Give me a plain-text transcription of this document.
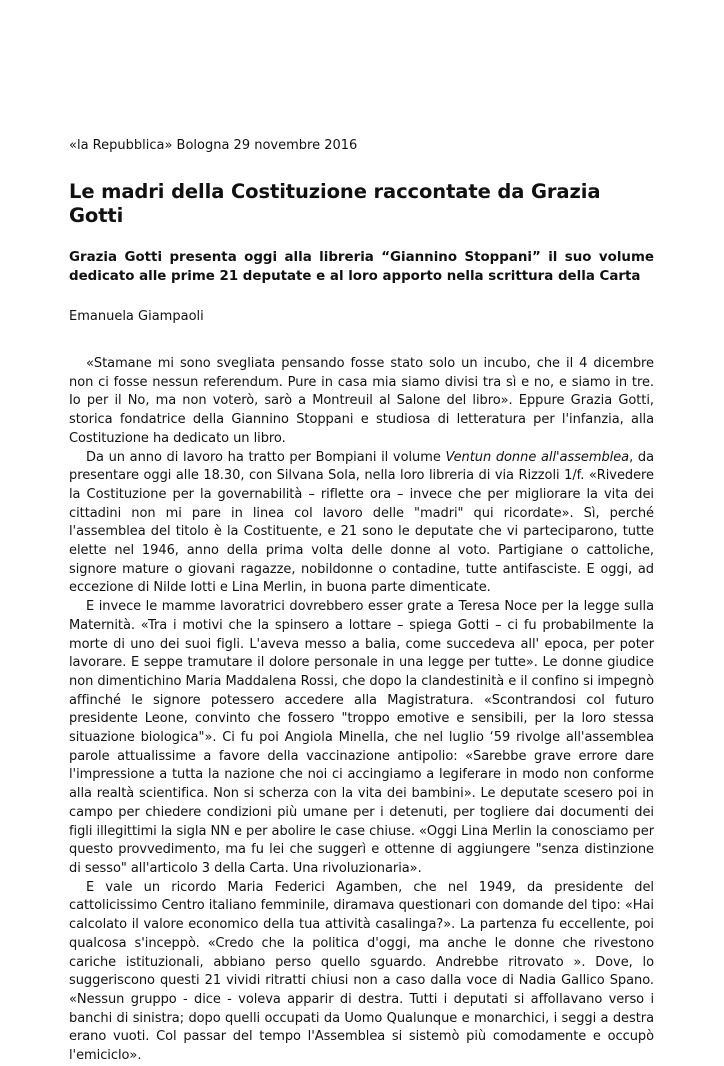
«la Repubblica» Bologna 29 novembre 2016

Le madri della Costituzione raccontate da Grazia Gotti

Grazia Gotti presenta oggi alla libreria “Giannino Stoppani” il suo volume dedicato alle prime 21 deputate e al loro apporto nella scrittura della Carta

Emanuela Giampaoli

«Stamane mi sono svegliata pensando fosse stato solo un incubo, che il 4 dicembre non ci fosse nessun referendum. Pure in casa mia siamo divisi tra sì e no, e siamo in tre. Io per il No, ma non voterò, sarò a Montreuil al Salone del libro». Eppure Grazia Gotti, storica fondatrice della Giannino Stoppani e studiosa di letteratura per l'infanzia, alla Costituzione ha dedicato un libro.

Da un anno di lavoro ha tratto per Bompiani il volume Ventun donne all'assemblea, da presentare oggi alle 18.30, con Silvana Sola, nella loro libreria di via Rizzoli 1/f. «Rivedere la Costituzione per la governabilità – riflette ora – invece che per migliorare la vita dei cittadini non mi pare in linea col lavoro delle "madri" qui ricordate». Sì, perché l'assemblea del titolo è la Costituente, e 21 sono le deputate che vi parteciparono, tutte elette nel 1946, anno della prima volta delle donne al voto. Partigiane o cattoliche, signore mature o giovani ragazze, nobildonne o contadine, tutte antifasciste. E oggi, ad eccezione di Nilde Iotti e Lina Merlin, in buona parte dimenticate.

E invece le mamme lavoratrici dovrebbero esser grate a Teresa Noce per la legge sulla Maternità. «Tra i motivi che la spinsero a lottare – spiega Gotti – ci fu probabilmente la morte di uno dei suoi figli. L'aveva messo a balia, come succedeva all' epoca, per poter lavorare. E seppe tramutare il dolore personale in una legge per tutte». Le donne giudice non dimentichino Maria Maddalena Rossi, che dopo la clandestinità e il confino si impegnò affinché le signore potessero accedere alla Magistratura. «Scontrandosi col futuro presidente Leone, convinto che fossero "troppo emotive e sensibili, per la loro stessa situazione biologica"». Ci fu poi Angiola Minella, che nel luglio ‘59 rivolge all'assemblea parole attualissime a favore della vaccinazione antipolio: «Sarebbe grave errore dare l'impressione a tutta la nazione che noi ci accingiamo a legiferare in modo non conforme alla realtà scientifica. Non si scherza con la vita dei bambini». Le deputate scesero poi in campo per chiedere condizioni più umane per i detenuti, per togliere dai documenti dei figli illegittimi la sigla NN e per abolire le case chiuse. «Oggi Lina Merlin la conosciamo per questo provvedimento, ma fu lei che suggerì e ottenne di aggiungere "senza distinzione di sesso" all'articolo 3 della Carta. Una rivoluzionaria».

E vale un ricordo Maria Federici Agamben, che nel 1949, da presidente del cattolicissimo Centro italiano femminile, diramava questionari con domande del tipo: «Hai calcolato il valore economico della tua attività casalinga?». La partenza fu eccellente, poi qualcosa s'inceppò. «Credo che la politica d'oggi, ma anche le donne che rivestono cariche istituzionali, abbiano perso quello sguardo. Andrebbe ritrovato ». Dove, lo suggeriscono questi 21 vividi ritratti chiusi non a caso dalla voce di Nadia Gallico Spano. «Nessun gruppo - dice - voleva apparir di destra. Tutti i deputati si affollavano verso i banchi di sinistra; dopo quelli occupati da Uomo Qualunque e monarchici, i seggi a destra erano vuoti. Col passar del tempo l'Assemblea si sistemò più comodamente e occupò l'emiciclo».
